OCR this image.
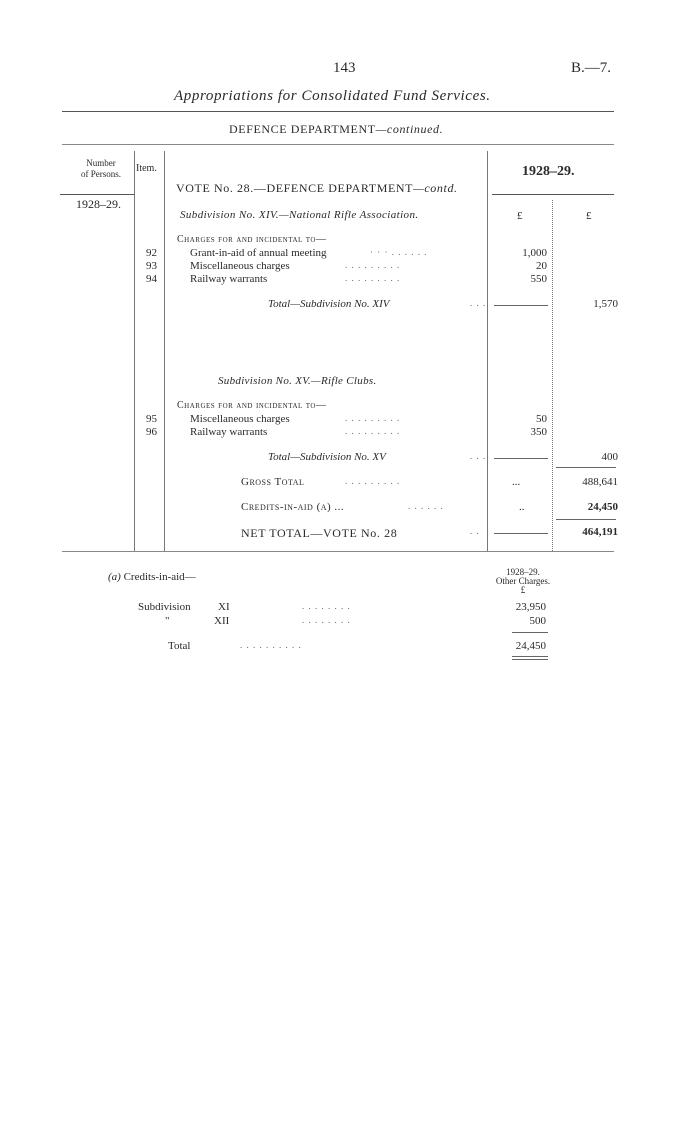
143	B.—7.
Appropriations for Consolidated Fund Services.
DEFENCE DEPARTMENT—continued.
Number
of Persons.	Item.	1928–29.
VOTE No. 28.—DEFENCE DEPARTMENT—contd.
1928–29.
Subdivision No. XIV.—National Rifle Association.	£	£
Charges for and incidental to—
92	Grant-in-aid of annual meeting	· · · . . . . . .	1,000
93	Miscellaneous charges	. . . . . . . . .	20
94	Railway warrants	. . . . . . . . .	550
Total—Subdivision No. XIV	. . .	1,570
Subdivision No. XV.—Rifle Clubs.
Charges for and incidental to—
95	Miscellaneous charges	. . . . . . . . .	50
96	Railway warrants	. . . . . . . . .	350
Total—Subdivision No. XV	. . .	400
Gross Total	. . . . . . . . .	...	488,641
Credits-in-aid (a) ...	. . . . . .	..	24,450
NET TOTAL—VOTE No. 28	. .	464,191
(a) Credits-in-aid—	1928–29.
Other Charges.
£
Subdivision XI	. . . . . . . .	23,950
"	XII	. . . . . . . .	500
Total	. . . . . . . . . .	24,450
